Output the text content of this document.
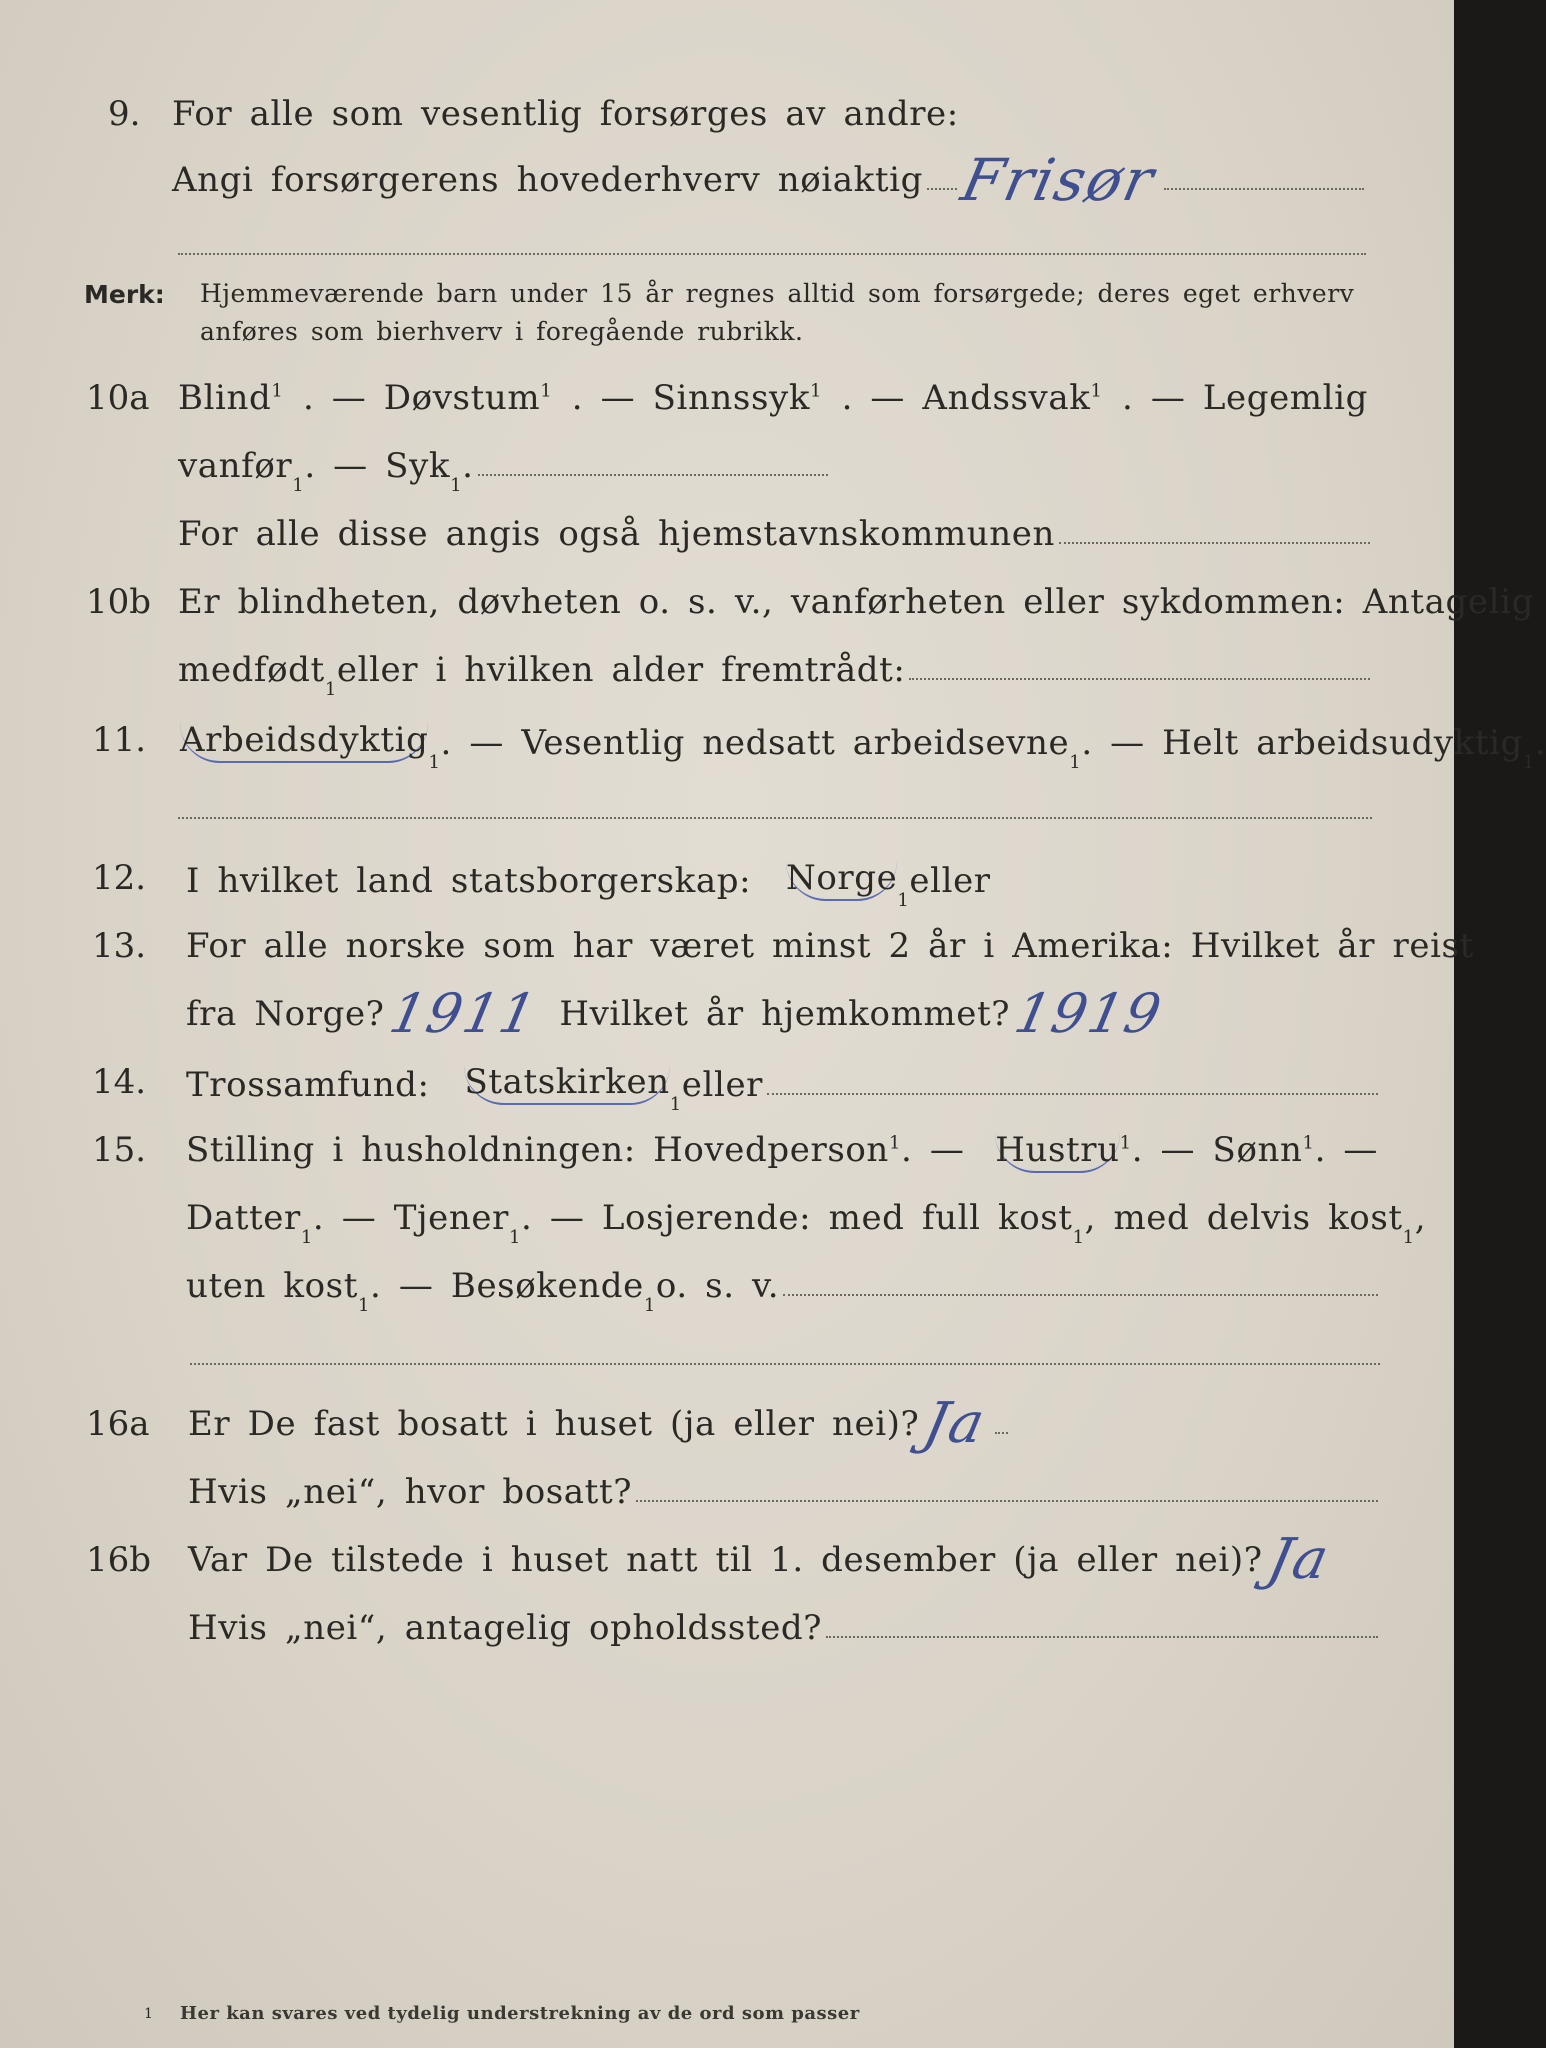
9. For alle som vesentlig forsørges av andre:
Angi forsørgerens hovederhverv nøiaktig Frisør
Merk: Hjemmeværende barn under 15 år regnes alltid som forsørgede; deres eget erhverv
anføres som bierhverv i foregående rubrikk.
10a Blind$^1$ . — Døvstum$^1$ . — Sinnssyk$^1$ . — Andssvak$^1$ . — Legemlig
vanfør 1 . — Syk 1 .
For alle disse angis også hjemstavnskommunen
10b Er blindheten, døvheten o. s. v., vanførheten eller sykdommen: Antagelig
medfødt 1 eller i hvilken alder fremtrådt:
11. Arbeidsdyktig
1 . — Vesentlig nedsatt arbeidsevne 1 . — Helt arbeidsudyktig 1 .
12. I hvilket land statsborgerskap:
Norge
1 eller
13. For alle norske som har været minst 2 år i Amerika: Hvilket år reist
fra Norge? 1911
Hvilket år hjemkommet? 1919
14. Trossamfund:
Statskirken
1 eller
15. Stilling i husholdningen: Hovedperson$^1$. — Hustru$^1$. — Sønn$^1$. —
Datter 1 . — Tjener 1 . — Losjerende: med full kost 1 , med delvis kost 1 ,
uten kost 1 . — Besøkende 1 o. s. v.
16a Er De fast bosatt i huset (ja eller nei)? Ja
Hvis „nei“, hvor bosatt?
16b Var De tilstede i huset natt til 1. desember (ja eller nei)? Ja
Hvis „nei“, antagelig opholdssted?
1 Her kan svares ved tydelig understrekning av de ord som passer
